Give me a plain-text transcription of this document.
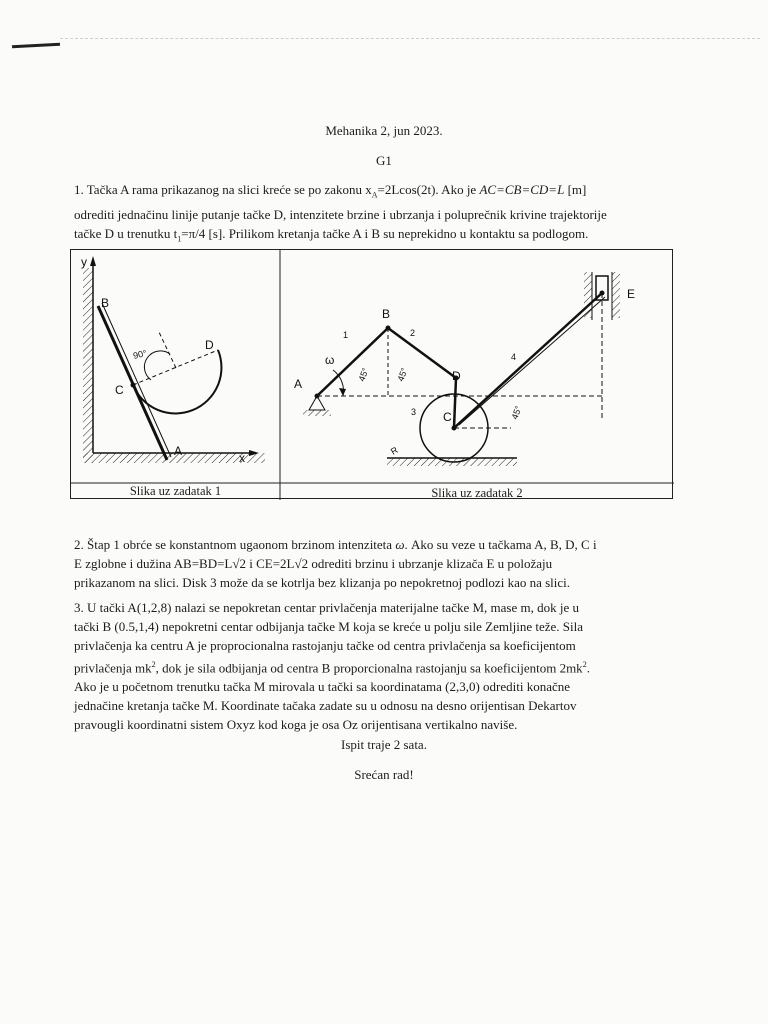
Mehanika 2, jun 2023.
G1

1. Tačka A rama prikazanog na slici kreće se po zakonu $x_A=2Lcos(2t)$. Ako je AC=CB=CD=L [m]

odrediti jednačinu linije putanje tačke D, intenzitete brzine i ubrzanja i poluprečnik krivine trajektorije

tačke D u trenutku $t_1=\pi/4$ [s]. Prilikom kretanja tačke A i B su neprekidno u kontaktu sa podlogom.

y
x
B
C
D
A
90°
A
B
C
D
E
ω
1	2
3
4
45°	45°
45°
R
Slika uz zadatak 1	Slika uz zadatak 2

2. Štap 1 obrće se konstantnom ugaonom brzinom intenziteta ω. Ako su veze u tačkama A, B, D, C i

E zglobne i dužina AB=BD=L√2 i CE=2L√2 odrediti brzinu i ubrzanje klizača E u položaju

prikazanom na slici. Disk 3 može da se kotrlja bez klizanja po nepokretnoj podlozi kao na slici.

3. U tački A(1,2,8) nalazi se nepokretan centar privlačenja materijalne tačke M, mase m, dok je u

tački B (0.5,1,4) nepokretni centar odbijanja tačke M koja se kreće u polju sile Zemljine teže. Sila

privlačenja ka centru A je proprocionalna rastojanju tačke od centra privlačenja sa koeficijentom

privlačenja $mk^2$, dok je sila odbijanja od centra B proporcionalna rastojanju sa koeficijentom $2mk^2$.

Ako je u početnom trenutku tačka M mirovala u tački sa koordinatama (2,3,0) odrediti konačne

jednačine kretanja tačke M. Koordinate tačaka zadate su u odnosu na desno orijentisan Dekartov

pravougli koordinatni sistem Oxyz kod koga je osa Oz orijentisana vertikalno naviše.

Ispit traje 2 sata.
Srećan rad!
